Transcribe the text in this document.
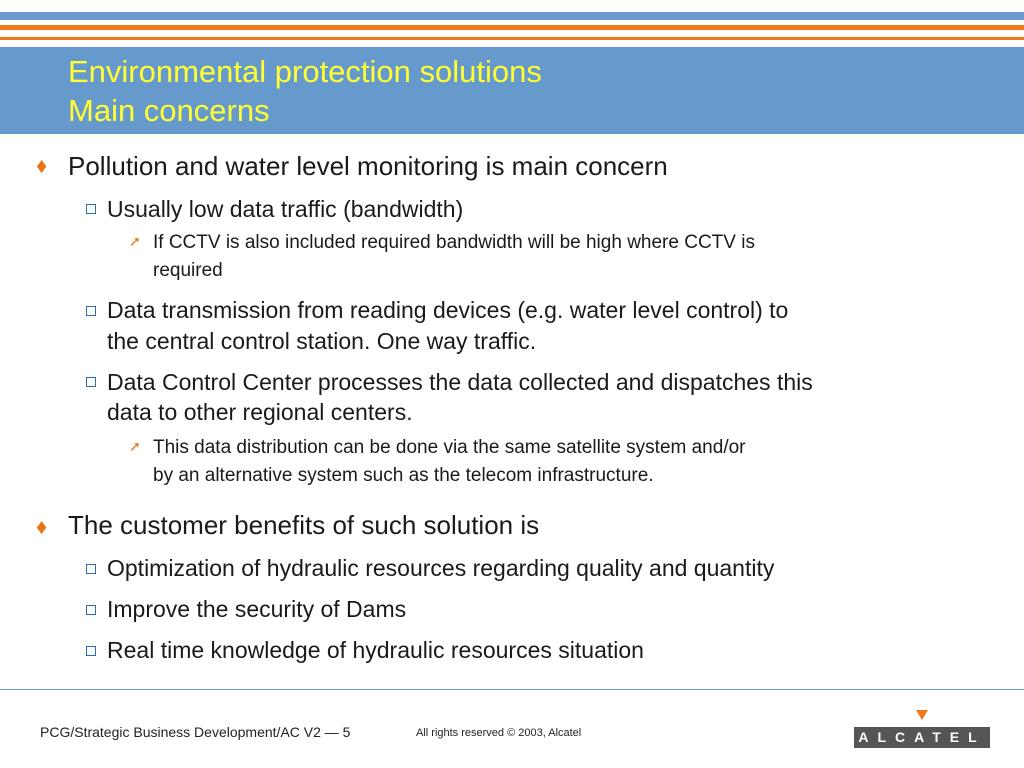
Environmental protection solutions
Main concerns
♦ Pollution and water level monitoring is main concern
Usually low data traffic (bandwidth)
➚ If CCTV is also included required bandwidth will be high where CCTV is
required
Data transmission from reading devices (e.g. water level control) to
the central control station. One way traffic.
Data Control Center processes the data collected and dispatches this
data to other regional centers.
➚ This data distribution can be done via the same satellite system and/or
by an alternative system such as the telecom infrastructure.
♦ The customer benefits of such solution is
Optimization of hydraulic resources regarding quality and quantity
Improve the security of Dams
Real time knowledge of hydraulic resources situation
PCG/Strategic Business Development/AC V2 — 5	All rights reserved © 2003, Alcatel	ALCATEL
